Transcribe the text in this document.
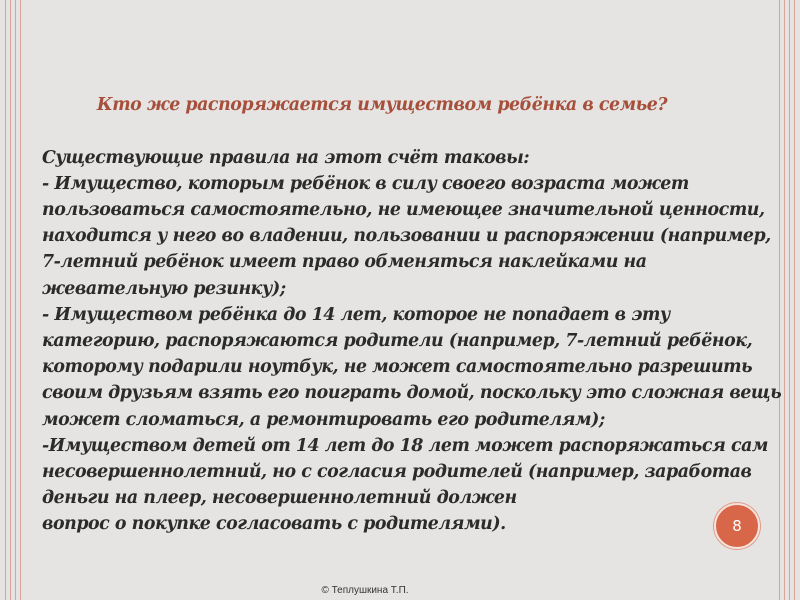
Кто же распоряжается имуществом ребёнка в семье?

Существующие правила на этот счёт таковы:
- Имущество, которым ребёнок в силу своего возраста может пользоваться самостоятельно, не имеющее значительной ценности, находится у него во владении, пользовании и распоряжении (например, 7-летний ребёнок имеет право обменяться наклейками на жевательную резинку);
- Имуществом ребёнка до 14 лет, которое не попадает в эту категорию, распоряжаются родители (например, 7-летний ребёнок, которому подарили ноутбук, не может самостоятельно разрешить своим друзьям взять его поиграть домой, поскольку это сложная вещь может сломаться, а ремонтировать его родителям);
-Имуществом детей от 14 лет до 18 лет может распоряжаться сам несовершеннолетний, но с согласия родителей (например, заработав деньги на плеер, несовершеннолетний должен
вопрос о покупке согласовать с родителями).	8
© Теплушкина Т.П.
